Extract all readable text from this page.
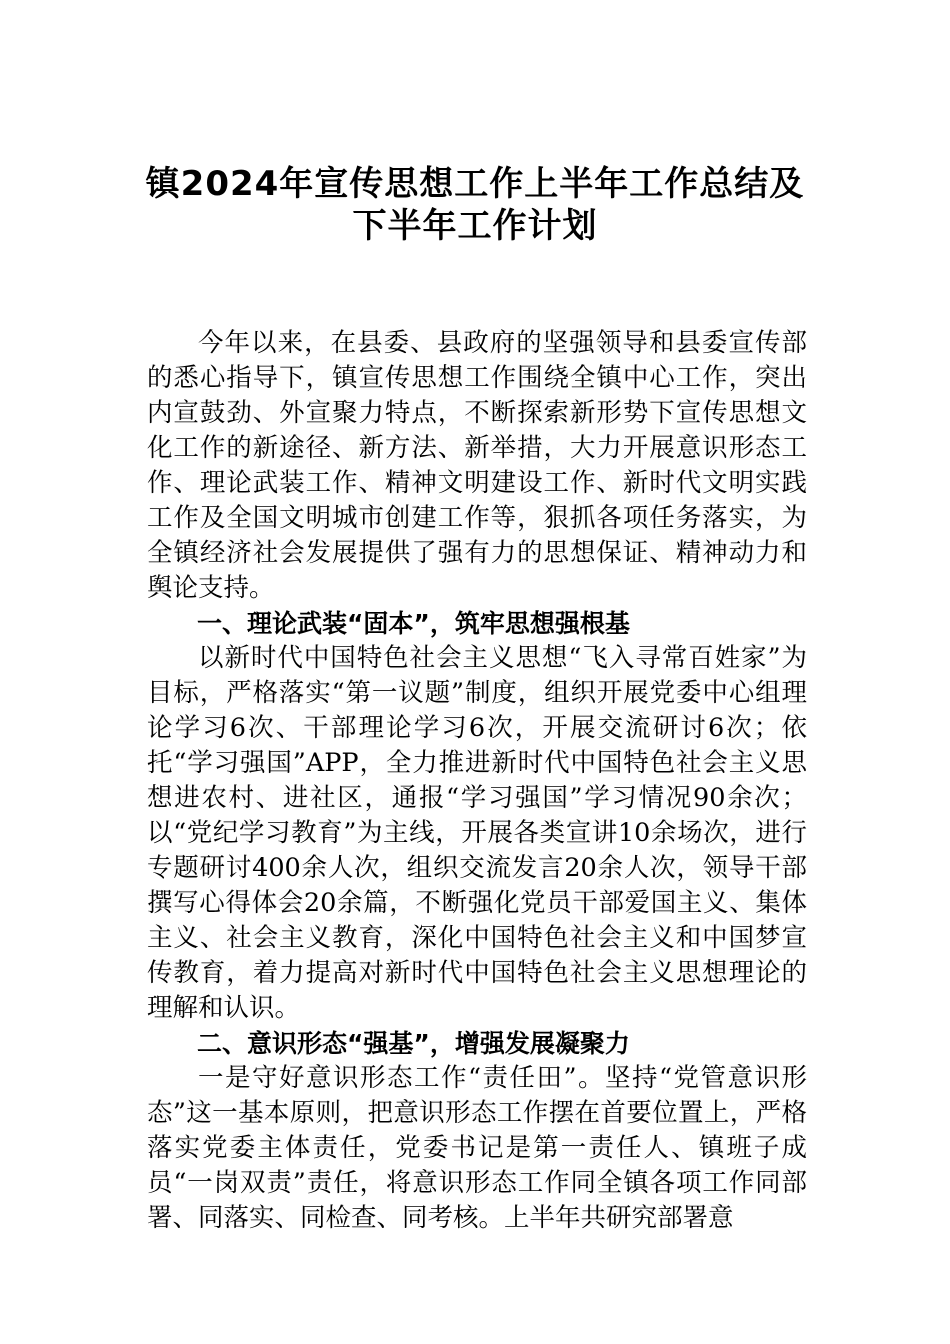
镇2024年宣传思想工作上半年工作总结及
下半年工作计划

今年以来，在县委、县政府的坚强领导和县委宣传部的悉心指导下，镇宣传思想工作围绕全镇中心工作，突出内宣鼓劲、外宣聚力特点，不断探索新形势下宣传思想文化工作的新途径、新方法、新举措，大力开展意识形态工作、理论武装工作、精神文明建设工作、新时代文明实践工作及全国文明城市创建工作等，狠抓各项任务落实，为全镇经济社会发展提供了强有力的思想保证、精神动力和舆论支持。

一、理论武装“固本”，筑牢思想强根基

以新时代中国特色社会主义思想“飞入寻常百姓家”为目标，严格落实“第一议题”制度，组织开展党委中心组理论学习6次、干部理论学习6次，开展交流研讨6次；依托“学习强国”APP，全力推进新时代中国特色社会主义思想进农村、进社区，通报“学习强国”学习情况90余次；以“党纪学习教育”为主线，开展各类宣讲10余场次，进行专题研讨400余人次，组织交流发言20余人次，领导干部撰写心得体会20余篇，不断强化党员干部爱国主义、集体主义、社会主义教育，深化中国特色社会主义和中国梦宣传教育，着力提高对新时代中国特色社会主义思想理论的理解和认识。

二、意识形态“强基”，增强发展凝聚力

一是守好意识形态工作“责任田”。坚持“党管意识形态”这一基本原则，把意识形态工作摆在首要位置上，严格落实党委主体责任，党委书记是第一责任人、镇班子成员“一岗双责”责任，将意识形态工作同全镇各项工作同部署、同落实、同检查、同考核。上半年共研究部署意
